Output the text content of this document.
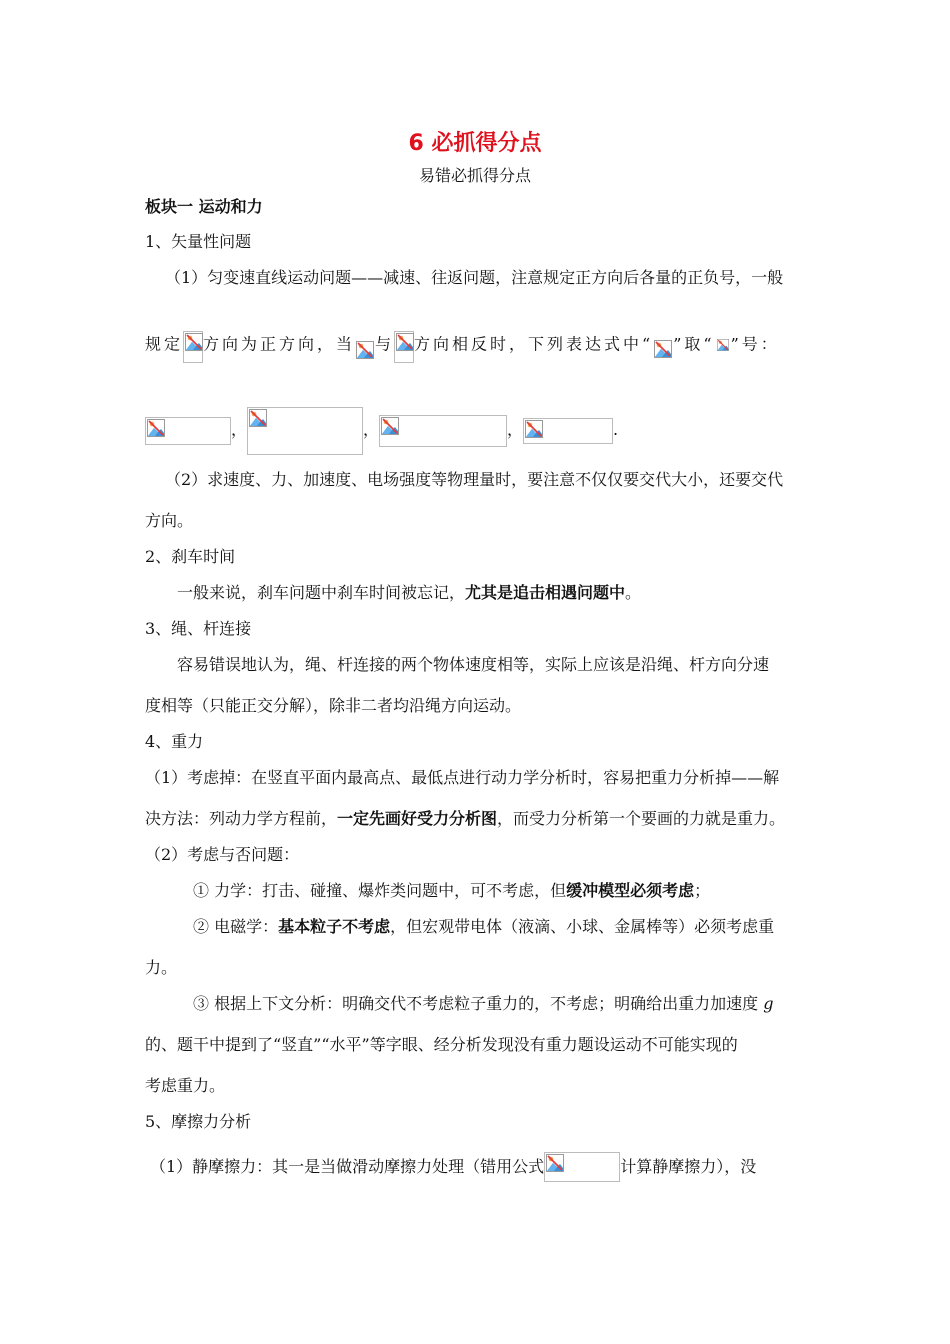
6 必抓得分点
易错必抓得分点
板块一 运动和力
1、矢量性问题
（1）匀变速直线运动问题——减速、往返问题，注意规定正方向后各量的正负号，一般
规定 方向为正方向，当 与 方向相反时，下列表达式中“ ”取“ ”号：
，	，	，	.
（2）求速度、力、加速度、电场强度等物理量时，要注意不仅仅要交代大小，还要交代
方向。
2、刹车时间
一般来说，刹车问题中刹车时间被忘记，尤其是追击相遇问题中。
3、绳、杆连接
容易错误地认为，绳、杆连接的两个物体速度相等，实际上应该是沿绳、杆方向分速
度相等（只能正交分解），除非二者均沿绳方向运动。
4、重力
（1）考虑掉：在竖直平面内最高点、最低点进行动力学分析时，容易把重力分析掉——解
决方法：列动力学方程前，一定先画好受力分析图，而受力分析第一个要画的力就是重力。
（2）考虑与否问题：
① 力学：打击、碰撞、爆炸类问题中，可不考虑，但缓冲模型必须考虑；
② 电磁学：基本粒子不考虑，但宏观带电体（液滴、小球、金属棒等）必须考虑重
力。
③ 根据上下文分析：明确交代不考虑粒子重力的，不考虑；明确给出重力加速度 g
的、题干中提到了“竖直”“水平”等字眼、经分析发现没有重力题设运动不可能实现的
考虑重力。
5、摩擦力分析
（1）静摩擦力：其一是当做滑动摩擦力处理（错用公式	计算静摩擦力），没
